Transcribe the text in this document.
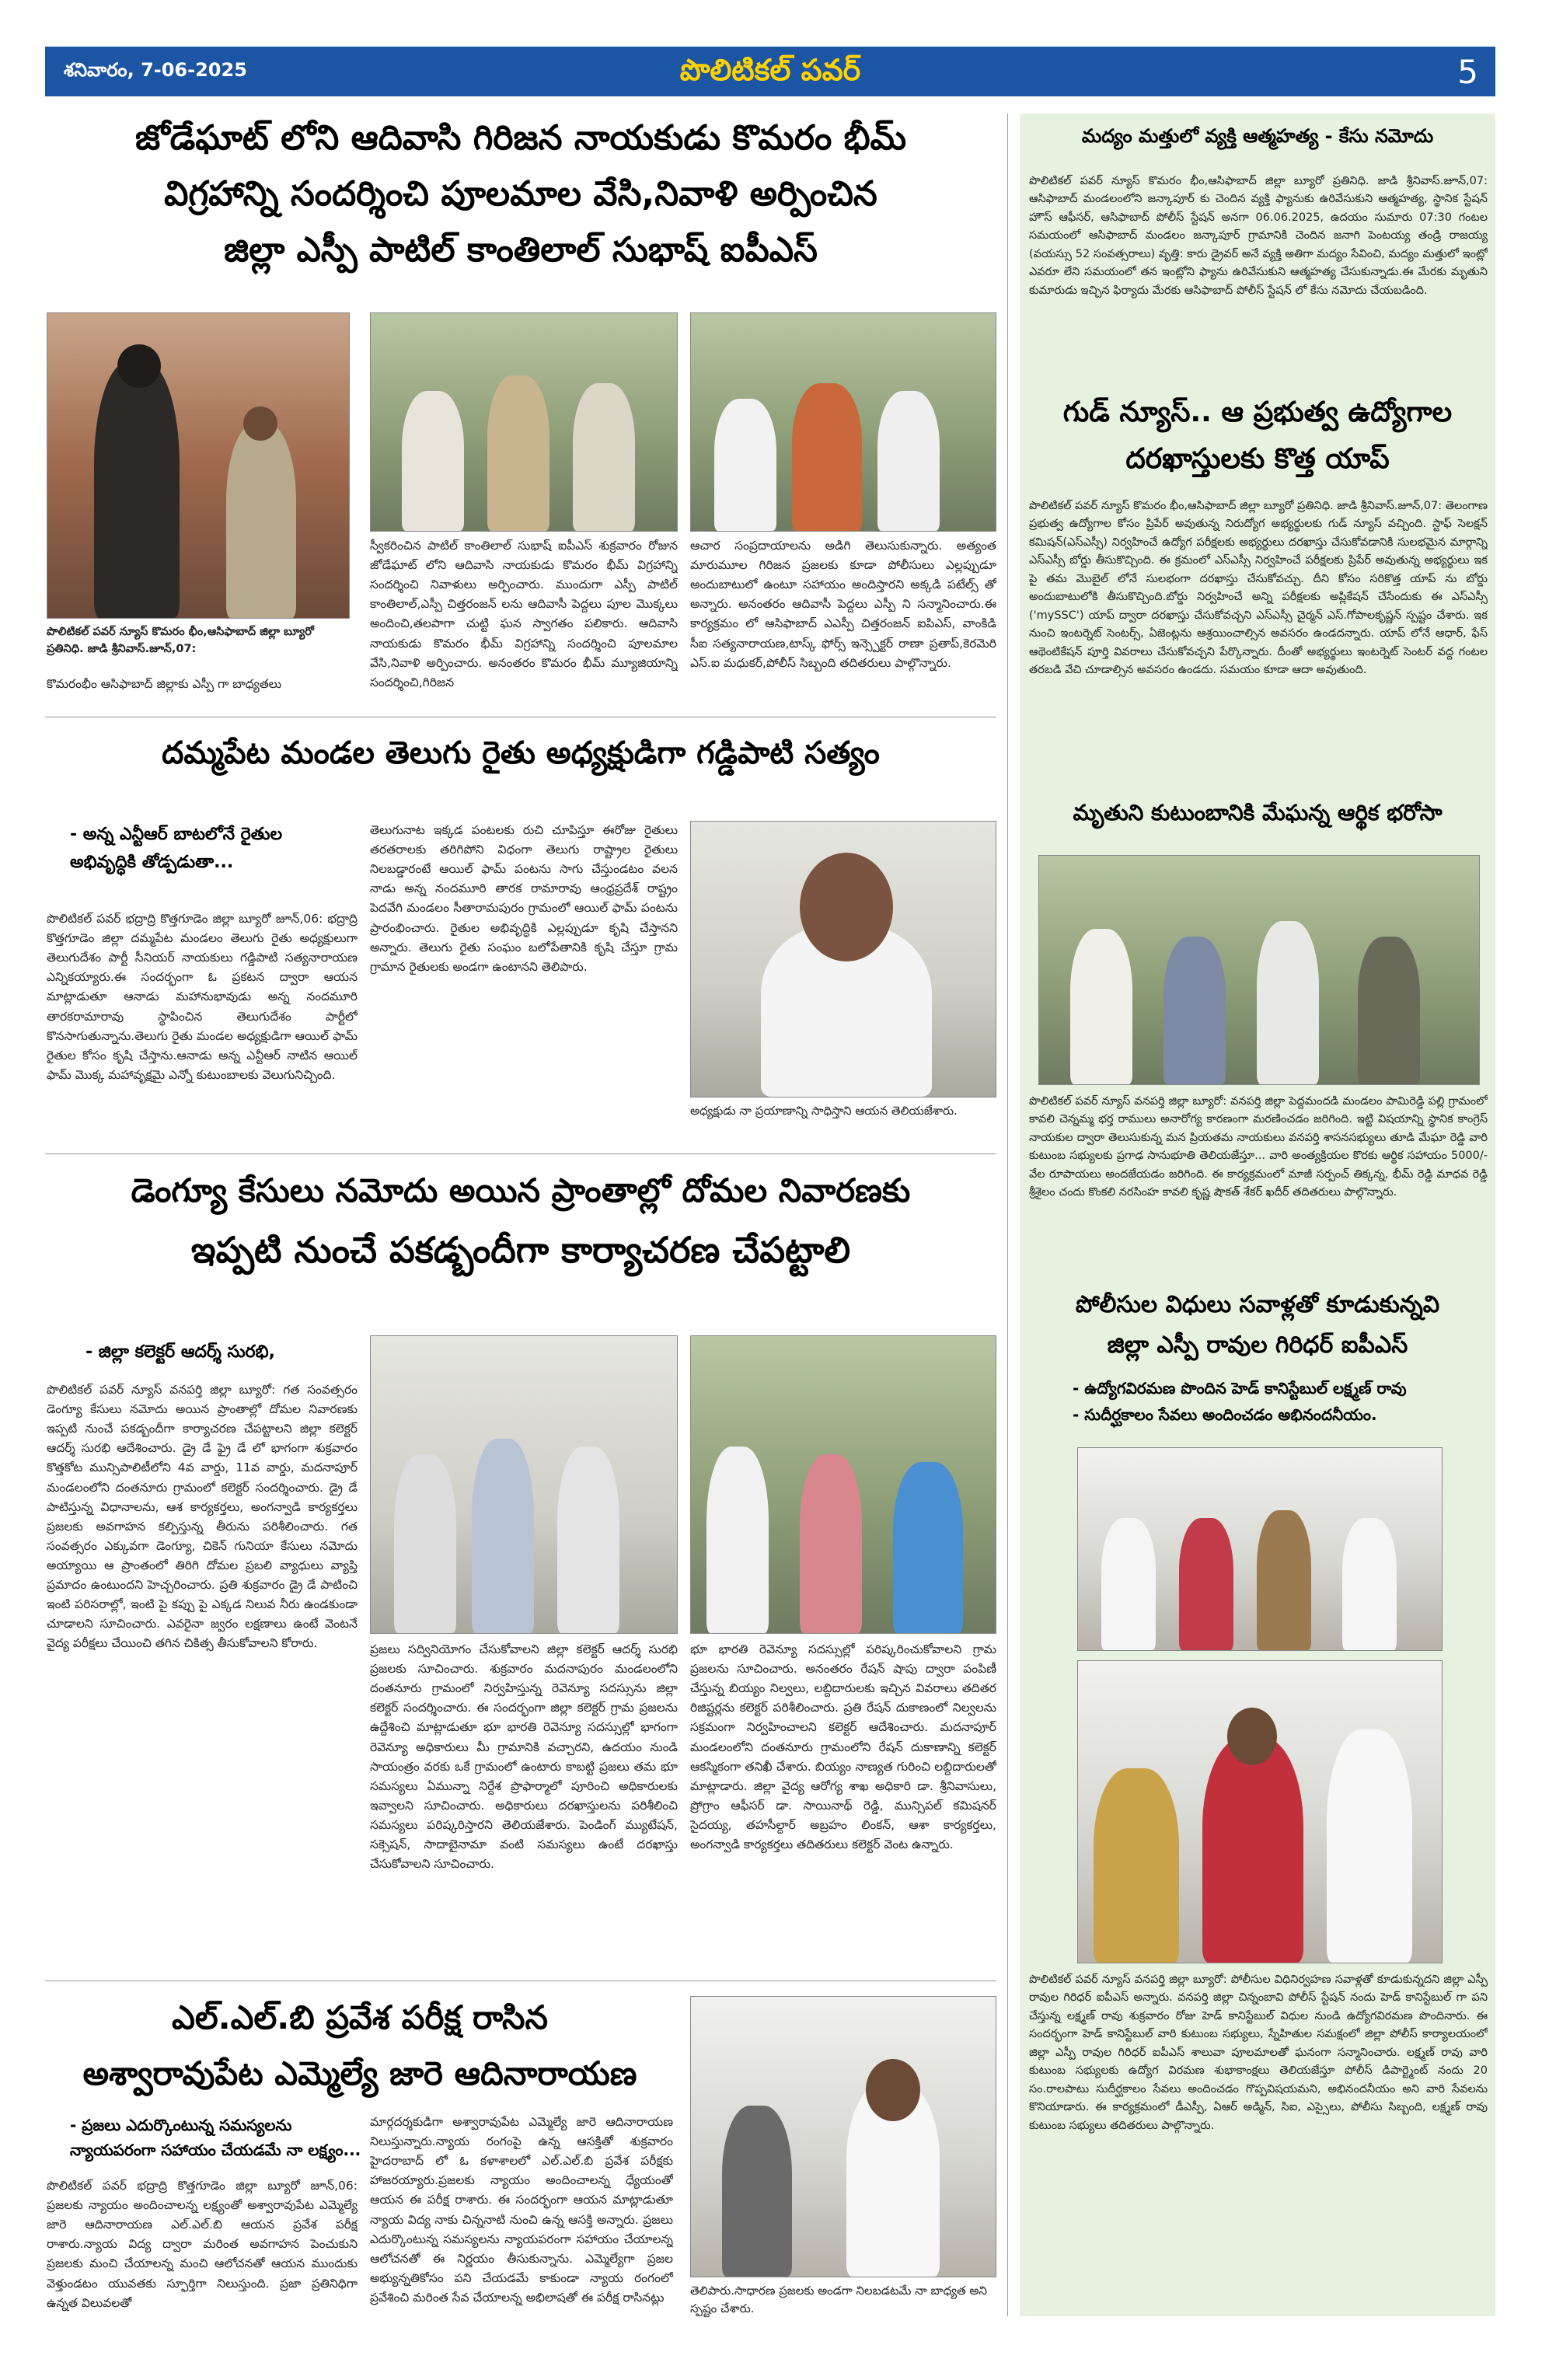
శనివారం, 7-06-2025	పొలిటికల్ పవర్	5
జోడేఘాట్ లోని ఆదివాసి గిరిజన నాయకుడు కొమరం భీమ్
విగ్రహాన్ని సందర్శించి పూలమాల వేసి,నివాళి అర్పించిన
జిల్లా ఎస్పీ పాటిల్ కాంతిలాల్ సుభాష్ ఐపీఎస్
పొలిటికల్ పవర్ న్యూస్ కొమరం భీం,ఆసిఫాబాద్ జిల్లా బ్యూరో ప్రతినిధి. జాడి శ్రీనివాస్.జూన్,07:
కొమరంభీం ఆసిఫాబాద్ జిల్లాకు ఎస్పీ గా బాధ్యతలు
స్వీకరించిన పాటిల్ కాంతిలాల్ సుభాష్ ఐపీఎస్ శుక్రవారం రోజున జోడేఘాట్ లోని ఆదివాసి నాయకుడు కొమరం భీమ్ విగ్రహాన్ని సందర్శించి నివాళులు అర్పించారు. ముందుగా ఎస్పీ పాటిల్ కాంతిలాల్,ఎస్పీ చిత్తరంజన్ లను ఆదివాసీ పెద్దలు పూల మొక్కలు అందించి,తలపాగా చుట్టి ఘన స్వాగతం పలికారు. ఆదివాసి నాయకుడు కొమరం భీమ్ విగ్రహాన్ని సందర్శించి పూలమాల వేసి,నివాళి అర్పించారు. అనంతరం కొమరం భీమ్ మ్యూజియాన్ని సందర్శించి,గిరిజన
ఆచార సంప్రదాయాలను అడిగి తెలుసుకున్నారు. అత్యంత మారుమూల గిరిజన ప్రజలకు కూడా పోలీసులు ఎల్లప్పుడూ అందుబాటులో ఉంటూ సహాయం అందిస్తారని అక్కడి పటేల్స్ తో అన్నారు. అనంతరం ఆదివాసీ పెద్దలు ఎస్పీ ని సన్మానించారు.ఈ కార్యక్రమం లో ఆసిఫాబాద్ ఎఎస్పీ చిత్తరంజన్ ఐపిఎస్, వాంకిడి సీఐ సత్యనారాయణ,టాస్క్ ఫోర్స్ ఇన్స్పెక్టర్ రాణా ప్రతాప్,కెరమెరి ఎస్.ఐ మధుకర్,పోలీస్ సిబ్బంది తదితరులు పాల్గొన్నారు.
దమ్మపేట మండల తెలుగు రైతు అధ్యక్షుడిగా గడ్డిపాటి సత్యం
- అన్న ఎన్టీఆర్ బాటలోనే రైతుల
అభివృద్ధికి తోడ్పడుతా...
పొలిటికల్ పవర్ భద్రాద్రి కొత్తగూడెం జిల్లా బ్యూరో జూన్,06: భద్రాద్రి కొత్తగూడెం జిల్లా దమ్మపేట మండలం తెలుగు రైతు అధ్యక్షులుగా తెలుగుదేశం పార్టీ సీనియర్ నాయకులు గడ్డిపాటి సత్యనారాయణ ఎన్నికయ్యారు.ఈ సందర్భంగా ఓ ప్రకటన ద్వారా ఆయన మాట్లాడుతూ ఆనాడు మహానుభావుడు అన్న నందమూరి తారకరామారావు స్థాపించిన తెలుగుదేశం పార్టీలో కొనసాగుతున్నాను.తెలుగు రైతు మండల అధ్యక్షుడిగా ఆయిల్ ఫామ్ రైతుల కోసం కృషి చేస్తాను.ఆనాడు అన్న ఎన్టీఆర్ నాటిన ఆయిల్ ఫామ్ మొక్క మహావృక్షమై ఎన్నో కుటుంబాలకు వెలుగునిచ్చింది.
తెలుగునాట ఇక్కడ పంటలకు రుచి చూపిస్తూ ఈరోజు రైతులు తరతరాలకు తరిగిపోని విధంగా తెలుగు రాష్ట్రాల రైతులు నిలబడ్డారంటే ఆయిల్ ఫామ్ పంటను సాగు చేస్తుండటం వలన నాడు అన్న నందమూరి తారక రామారావు ఆంధ్రప్రదేశ్ రాష్ట్రం పెదవేగి మండలం సీతారామపురం గ్రామంలో ఆయిల్ ఫామ్ పంటను ప్రారంభించారు. రైతుల అభివృద్ధికి ఎల్లప్పుడూ కృషి చేస్తానని అన్నారు. తెలుగు రైతు సంఘం బలోపేతానికి కృషి చేస్తూ గ్రామ గ్రామాన రైతులకు అండగా ఉంటానని తెలిపారు.
అధ్యక్షుడు నా ప్రయాణాన్ని సాధిస్తాని ఆయన తెలియజేశారు.
డెంగ్యూ కేసులు నమోదు అయిన ప్రాంతాల్లో దోమల నివారణకు
ఇప్పటి నుంచే పకడ్బందీగా కార్యాచరణ చేపట్టాలి
- జిల్లా కలెక్టర్ ఆదర్శ్ సురభి,
పొలిటికల్ పవర్ న్యూస్ వనపర్తి జిల్లా బ్యూరో: గత సంవత్సరం డెంగ్యూ కేసులు నమోదు అయిన ప్రాంతాల్లో దోమల నివారణకు ఇప్పటి నుంచే పకడ్బందీగా కార్యాచరణ చేపట్టాలని జిల్లా కలెక్టర్ ఆదర్శ్ సురభి ఆదేశించారు. డ్రై డే ఫ్రై డే లో భాగంగా శుక్రవారం కొత్తకోట మున్సిపాలిటీలోని 4వ వార్డు, 11వ వార్డు, మదనాపూర్ మండలంలోని దంతనూరు గ్రామంలో కలెక్టర్ సందర్శించారు. డ్రై డే పాటిస్తున్న విధానాలను, ఆశ కార్యకర్తలు, అంగన్వాడి కార్యకర్తలు ప్రజలకు అవగాహన కల్పిస్తున్న తీరును పరిశీలించారు. గత సంవత్సరం ఎక్కువగా డెంగ్యూ, చికెన్ గునియా కేసులు నమోదు అయ్యాయి ఆ ప్రాంతంలో తిరిగి దోమల ప్రబలి వ్యాధులు వ్యాప్తి ప్రమాదం ఉంటుందని హెచ్చరించారు. ప్రతి శుక్రవారం డ్రై డే పాటించి ఇంటి పరిసరాల్లో, ఇంటి పై కప్పు పై ఎక్కడ నిలువ నీరు ఉండకుండా చూడాలని సూచించారు. ఎవరైనా జ్వరం లక్షణాలు ఉంటే వెంటనే వైద్య పరీక్షలు చేయించి తగిన చికిత్స తీసుకోవాలని కోరారు.	ప్రజలు సద్వినియోగం చేసుకోవాలని జిల్లా కలెక్టర్ ఆదర్శ్ సురభి ప్రజలకు సూచించారు. శుక్రవారం మదనాపురం మండలంలోని దంతనూరు గ్రామంలో నిర్వహిస్తున్న రెవెన్యూ సదస్సును జిల్లా కలెక్టర్ సందర్శించారు. ఈ సందర్భంగా జిల్లా కలెక్టర్ గ్రామ ప్రజలను ఉద్దేశించి మాట్లాడుతూ భూ భారతి రెవెన్యూ సదస్సుల్లో భాగంగా రెవెన్యూ అధికారులు మీ గ్రామానికి వచ్చారని, ఉదయం నుండి సాయంత్రం వరకు ఒకే గ్రామంలో ఉంటారు కాబట్టి ప్రజలు తమ భూ సమస్యలు ఏమున్నా నిర్దేశ ప్రొఫార్మాలో పూరించి అధికారులకు ఇవ్వాలని సూచించారు. అధికారులు దరఖాస్తులను పరిశీలించి సమస్యలు పరిష్కరిస్తారని తెలియజేశారు. పెండింగ్ మ్యుటేషన్, సక్సెషన్, సాదాబైనామా వంటి సమస్యలు ఉంటే దరఖాస్తు చేసుకోవాలని సూచించారు.
భూ భారతి రెవెన్యూ సదస్సుల్లో పరిష్కరించుకోవాలని గ్రామ ప్రజలను సూచించారు. అనంతరం రేషన్ షాపు ద్వారా పంపిణీ చేస్తున్న బియ్యం నిల్వలు, లబ్దిదారులకు ఇచ్చిన వివరాలు తదితర రిజిష్టర్లను కలెక్టర్ పరిశీలించారు. ప్రతి రేషన్ దుకాణంలో నిల్వలను సక్రమంగా నిర్వహించాలని కలెక్టర్ ఆదేశించారు. మదనాపూర్ మండలంలోని దంతనూరు గ్రామంలోని రేషన్ దుకాణాన్ని కలెక్టర్ ఆకస్మికంగా తనిఖీ చేశారు. బియ్యం నాణ్యత గురించి లబ్దిదారులతో మాట్లాడారు. జిల్లా వైద్య ఆరోగ్య శాఖ అధికారి డా. శ్రీనివాసులు, ప్రోగ్రాం ఆఫీసర్ డా. సాయినాథ్ రెడ్డి, మున్సిపల్ కమిషనర్ సైదయ్య, తహసీల్దార్ అబ్రహం లింకన్, ఆశా కార్యకర్తలు, అంగన్వాడి కార్యకర్తలు తదితరులు కలెక్టర్ వెంట ఉన్నారు.
ఎల్.ఎల్.బి ప్రవేశ పరీక్ష రాసిన
అశ్వారావుపేట ఎమ్మెల్యే జారె ఆదినారాయణ
- ప్రజలు ఎదుర్కొంటున్న సమస్యలను
న్యాయపరంగా సహాయం చేయడమే నా లక్ష్యం...
పొలిటికల్ పవర్ భద్రాద్రి కొత్తగూడెం జిల్లా బ్యూరో జూన్,06: ప్రజలకు న్యాయం అందించాలన్న లక్ష్యంతో అశ్వారావుపేట ఎమ్మెల్యే జారె ఆదినారాయణ ఎల్.ఎల్.బి ఆయన ప్రవేశ పరీక్ష రాశారు.న్యాయ విద్య ద్వారా మరింత అవగాహన పెంచుకుని ప్రజలకు మంచి చేయాలన్న మంచి ఆలోచనతో ఆయన ముందుకు వెళ్తుండటం యువతకు స్ఫూర్తిగా నిలుస్తుంది. ప్రజా ప్రతినిధిగా ఉన్నత విలువలతో
మార్గదర్శకుడిగా అశ్వారావుపేట ఎమ్మెల్యే జారె ఆదినారాయణ నిలుస్తున్నారు.న్యాయ రంగంపై ఉన్న ఆసక్తితో శుక్రవారం హైదరాబాద్ లో ఓ కళాశాలలో ఎల్.ఎల్.బి ప్రవేశ పరీక్షకు హాజరయ్యారు.ప్రజలకు న్యాయం అందించాలన్న ధ్యేయంతో ఆయన ఈ పరీక్ష రాశారు. ఈ సందర్భంగా ఆయన మాట్లాడుతూ న్యాయ విద్య నాకు చిన్ననాటి నుంచి ఉన్న ఆసక్తి అన్నారు. ప్రజలు ఎదుర్కొంటున్న సమస్యలను న్యాయపరంగా సహాయం చేయాలన్న ఆలోచనతో ఈ నిర్ణయం తీసుకున్నాను. ఎమ్మెల్యేగా ప్రజల అభ్యున్నతికోసం పని చేయడమే కాకుండా న్యాయ రంగంలో ప్రవేశించి మరింత సేవ చేయాలన్న అభిలాషతో ఈ పరీక్ష రాసినట్లు	తెలిపారు.సాధారణ ప్రజలకు అండగా నిలబడటమే నా బాధ్యత అని స్పష్టం చేశారు.
మద్యం మత్తులో వ్యక్తి ఆత్మహత్య - కేసు నమోదు
పొలిటికల్ పవర్ న్యూస్ కొమరం భీం,ఆసిఫాబాద్ జిల్లా బ్యూరో ప్రతినిధి. జాడి శ్రీనివాస్.జూన్,07: ఆసిఫాబాద్ మండలంలోని జన్కాపూర్ కు చెందిన వ్యక్తి ఫ్యానుకు ఉరివేసుకుని ఆత్మహత్య, స్థానిక స్టేషన్ హౌస్ ఆఫీసర్, ఆసిఫాబాద్ పోలీస్ స్టేషన్ అనగా 06.06.2025, ఉదయం సుమారు 07:30 గంటల సమయంలో ఆసిఫాబాద్ మండలం జన్కాపూర్ గ్రామానికి చెందిన జనాగి పెంటయ్య తండ్రి రాజయ్య (వయస్సు 52 సంవత్సరాలు) వృత్తి: కారు డ్రైవర్ అనే వ్యక్తి అతిగా మద్యం సేవించి, మద్యం మత్తులో ఇంట్లో ఎవరూ లేని సమయంలో తన ఇంట్లోని ఫ్యాను ఉరివేసుకుని ఆత్మహత్య చేసుకున్నాడు.ఈ మేరకు మృతుని కుమారుడు ఇచ్చిన ఫిర్యాదు మేరకు ఆసిఫాబాద్ పోలీస్ స్టేషన్ లో కేసు నమోదు చేయబడింది.
గుడ్ న్యూస్.. ఆ ప్రభుత్వ ఉద్యోగాల
దరఖాస్తులకు కొత్త యాప్
పొలిటికల్ పవర్ న్యూస్ కొమరం భీం,ఆసిఫాబాద్ జిల్లా బ్యూరో ప్రతినిధి. జాడి శ్రీనివాస్.జూన్,07: తెలంగాణ ప్రభుత్వ ఉద్యోగాల కోసం ప్రిపేర్ అవుతున్న నిరుద్యోగ అభ్యర్థులకు గుడ్ న్యూస్ వచ్చింది. స్టాఫ్ సెలక్షన్ కమిషన్(ఎస్ఎస్సీ) నిర్వహించే ఉద్యోగ పరీక్షలకు అభ్యర్థులు దరఖాస్తు చేసుకోవడానికి సులభమైన మార్గాన్ని ఎస్ఎస్సీ బోర్డు తీసుకొచ్చింది. ఈ క్రమంలో ఎస్ఎస్సీ నిర్వహించే పరీక్షలకు ప్రిపేర్ అవుతున్న అభ్యర్థులు ఇక పై తమ మొబైల్ లోనే సులభంగా దరఖాస్తు చేసుకోవచ్చు. దీని కోసం సరికొత్త యాప్ ను బోర్డు అందుబాటులోకి తీసుకొచ్చింది.బోర్డు నిర్వహించే అన్ని పరీక్షలకు అప్లికేషన్ చేసేందుకు ఈ ఎస్ఎస్సీ ('mySSC') యాప్ ద్వారా దరఖాస్తు చేసుకోవచ్చని ఎస్ఎస్సీ చైర్మన్ ఎస్.గోపాలకృష్ణన్ స్పష్టం చేశారు. ఇక నుంచి ఇంటర్నెట్ సెంటర్స్, ఏజెంట్లను ఆశ్రయించాల్సిన అవసరం ఉండదన్నారు. యాప్ లోనే ఆధార్, ఫేస్ ఆథెంటికేషన్ పూర్తి వివరాలు చేసుకోవచ్చని పేర్కొన్నారు. దీంతో అభ్యర్థులు ఇంటర్నెట్ సెంటర్ వద్ద గంటల తరబడి వేచి చూడాల్సిన అవసరం ఉండదు. సమయం కూడా ఆదా అవుతుంది.
మృతుని కుటుంబానికి మేఘన్న ఆర్థిక భరోసా
పొలిటికల్ పవర్ న్యూస్ వనపర్తి జిల్లా బ్యూరో: వనపర్తి జిల్లా పెద్దమందడి మండలం పామిరెడ్డి పల్లి గ్రామంలో కావలి చెన్నమ్మ భర్త రాములు అనారోగ్య కారణంగా మరణించడం జరిగింది. ఇట్టి విషయాన్ని స్థానిక కాంగ్రెస్ నాయకుల ద్వారా తెలుసుకున్న మన ప్రియతమ నాయకులు వనపర్తి శాసనసభ్యులు తూడి మేఘా రెడ్డి వారి కుటుంబ సభ్యులకు ప్రగాఢ సానుభూతి తెలియజేస్తూ... వారి అంత్యక్రియల కొరకు ఆర్థిక సహాయం 5000/- వేల రూపాయలు అందజేయడం జరిగింది. ఈ కార్యక్రమంలో మాజీ సర్పంచ్ తిక్కన్న, భీమ్ రెడ్డి మాధవ రెడ్డి శ్రీశైలం చందు కొంకలి నరసింహ కావలి కృష్ణ షౌకత్ శేకర్ ఖదీర్ తదితరులు పాల్గొన్నారు.
పోలీసుల విధులు సవాళ్లతో కూడుకున్నవి
జిల్లా ఎస్పీ రావుల గిరిధర్ ఐపీఎస్
- ఉద్యోగవిరమణ పొందిన హెడ్ కానిస్టేబుల్ లక్ష్మణ్ రావు
- సుదీర్ఘకాలం సేవలు అందించడం అభినందనీయం.
పొలిటికల్ పవర్ న్యూస్ వనపర్తి జిల్లా బ్యూరో: పోలీసుల విధినిర్వహణ సవాళ్లతో కూడుకున్నదని జిల్లా ఎస్పీ రావుల గిరిధర్ ఐపీఎస్ అన్నారు. వనపర్తి జిల్లా చిన్నంబావి పోలీస్ స్టేషన్ నందు హెడ్ కానిస్టేబుల్ గా పని చేస్తున్న లక్ష్మణ్ రావు శుక్రవారం రోజు హెడ్ కానిస్టేబుల్ విధుల నుండి ఉద్యోగవిరమణ పొందినారు. ఈ సందర్భంగా హెడ్ కానిస్టేబుల్ వారి కుటుంబ సభ్యులు, స్నేహితుల సమక్షంలో జిల్లా పోలీస్ కార్యాలయంలో జిల్లా ఎస్పీ రావుల గిరిధర్ ఐపీఎస్ శాలువా పూలమాలతో ఘనంగా సన్మానించారు. లక్ష్మణ్ రావు వారి కుటుంబ సభ్యులకు ఉద్యోగ విరమణ శుభాకాంక్షలు తెలియజేస్తూ పోలీస్ డిపార్ట్మెంట్ నందు 20 సం.రాలపాటు సుదీర్ఘకాలం సేవలు అందించడం గొప్పవిషయమని, అభినందనీయం అని వారి సేవలను కొనియాడారు. ఈ కార్యక్రమంలో డీఎస్పీ, ఏఆర్ అడ్మిన్, సిఐ, ఎస్సైలు, పోలీసు సిబ్బంది, లక్ష్మణ్ రావు కుటుంబ సభ్యులు తదితరులు పాల్గొన్నారు.
